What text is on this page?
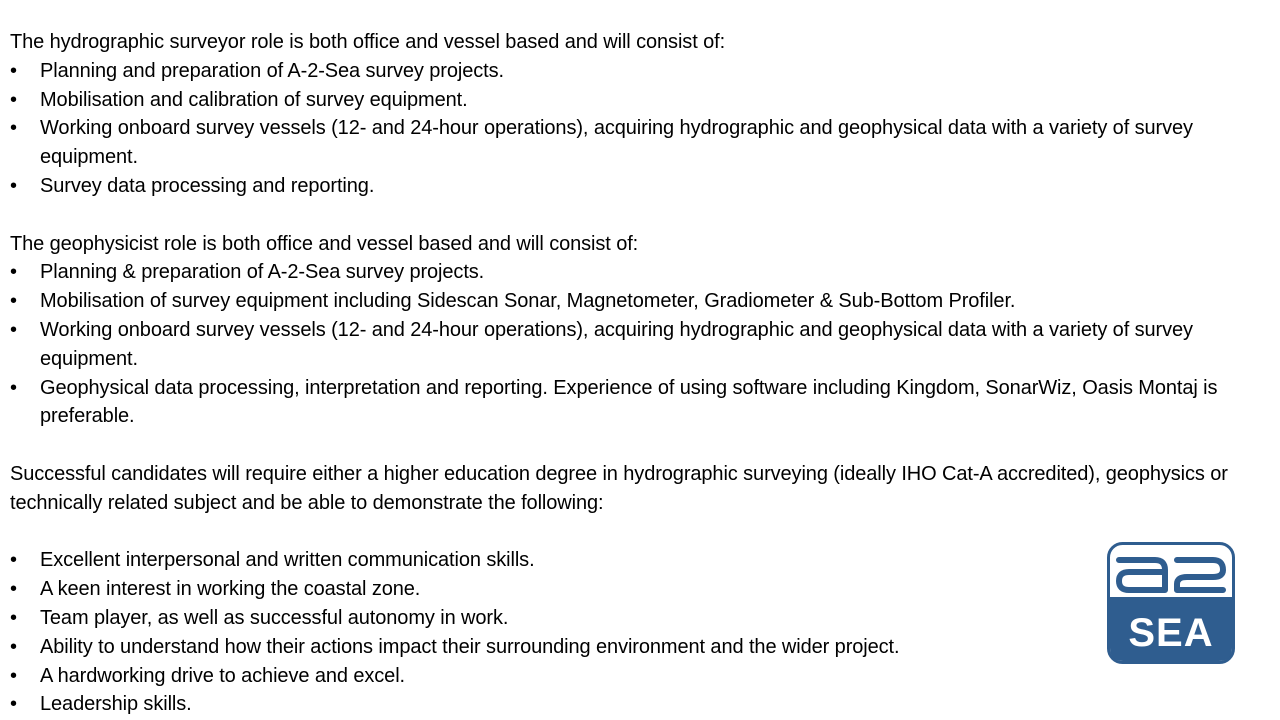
The hydrographic surveyor role is both office and vessel based and will consist of:

•	Planning and preparation of A-2-Sea survey projects.
•	Mobilisation and calibration of survey equipment.
•	Working onboard survey vessels (12- and 24-hour operations), acquiring hydrographic and geophysical data with a variety of survey equipment.
•	Survey data processing and reporting.

The geophysicist role is both office and vessel based and will consist of:

•	Planning & preparation of A-2-Sea survey projects.
•	Mobilisation of survey equipment including Sidescan Sonar, Magnetometer, Gradiometer & Sub-Bottom Profiler.
•	Working onboard survey vessels (12- and 24-hour operations), acquiring hydrographic and geophysical data with a variety of survey equipment.
•	Geophysical data processing, interpretation and reporting. Experience of using software including Kingdom, SonarWiz, Oasis Montaj is preferable.

Successful candidates will require either a higher education degree in hydrographic surveying (ideally IHO Cat-A accredited), geophysics or technically related subject and be able to demonstrate the following:

•	Excellent interpersonal and written communication skills.
•	A keen interest in working the coastal zone.
•	Team player, as well as successful autonomy in work.
•	Ability to understand how their actions impact their surrounding environment and the wider project.
•	A hardworking drive to achieve and excel.
•	Leadership skills.
SEA
